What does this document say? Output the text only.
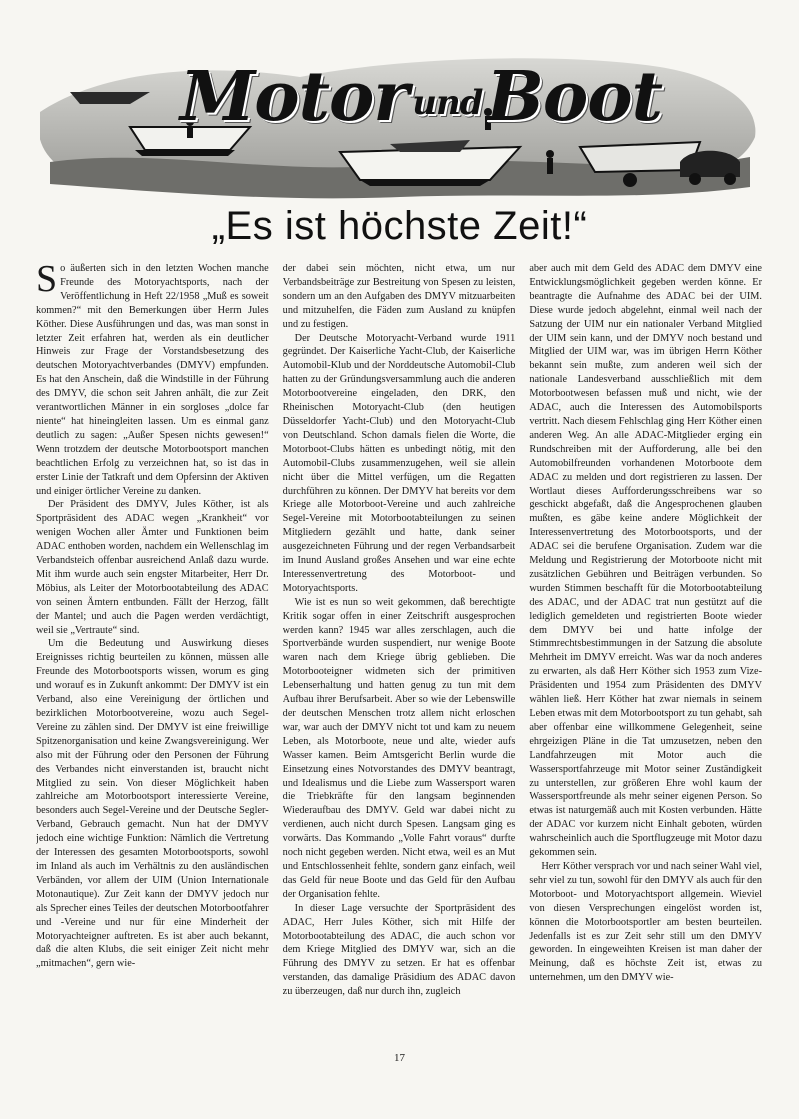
Motor undBoot
„Es ist höchste Zeit!“

So äußerten sich in den letzten Wochen manche Freunde des Motoryachtsports, nach der Veröffentlichung in Heft 22/1958 „Muß es soweit kommen?“ mit den Bemerkungen über Herrn Jules Köther. Diese Ausführungen und das, was man sonst in letzter Zeit erfahren hat, werden als ein deutlicher Hinweis zur Frage der Vorstandsbesetzung des deutschen Motoryachtverbandes (DMYV) empfunden. Es hat den Anschein, daß die Windstille in der Führung des DMYV, die schon seit Jahren anhält, die zur Zeit verantwortlichen Männer in ein sorgloses „dolce far niente“ hat hineingleiten lassen. Um es einmal ganz deutlich zu sagen: „Außer Spesen nichts gewesen!“ Wenn trotzdem der deutsche Motorbootsport manchen beachtlichen Erfolg zu verzeichnen hat, so ist das in erster Linie der Tatkraft und dem Opfersinn der Aktiven und einiger örtlicher Vereine zu danken.

Der Präsident des DMYV, Jules Köther, ist als Sportpräsident des ADAC wegen „Krankheit“ vor wenigen Wochen aller Ämter und Funktionen beim ADAC enthoben worden, nachdem ein Wellenschlag im Verbandsteich offenbar ausreichend Anlaß dazu wurde. Mit ihm wurde auch sein engster Mitarbeiter, Herr Dr. Möbius, als Leiter der Motorbootabteilung des ADAC von seinen Ämtern entbunden. Fällt der Herzog, fällt der Mantel; und auch die Pagen werden verdächtigt, weil sie „Vertraute“ sind.

Um die Bedeutung und Auswirkung dieses Ereignisses richtig beurteilen zu können, müssen alle Freunde des Motorbootsports wissen, worum es ging und worauf es in Zukunft ankommt: Der DMYV ist ein Verband, also eine Vereinigung der örtlichen und bezirklichen Motorbootvereine, wozu auch Segel-Vereine zu zählen sind. Der DMYV ist eine freiwillige Spitzenorganisation und keine Zwangsvereinigung. Wer also mit der Führung oder den Personen der Führung des Verbandes nicht einverstanden ist, braucht nicht Mitglied zu sein. Von dieser Möglichkeit haben zahlreiche am Motorbootsport interessierte Vereine, besonders auch Segel-Vereine und der Deutsche Segler-Verband, Gebrauch gemacht. Nun hat der DMYV jedoch eine wichtige Funktion: Nämlich die Vertretung der Interessen des gesamten Motorbootsports, sowohl im Inland als auch im Verhältnis zu den ausländischen Verbänden, vor allem der UIM (Union Internationale Motonautique). Zur Zeit kann der DMYV jedoch nur als Sprecher eines Teiles der deutschen Motorbootfahrer und -Vereine und nur für eine Minderheit der Motoryachteigner auftreten. Es ist aber auch bekannt, daß die alten Klubs, die seit einiger Zeit nicht mehr „mitmachen“, gern wie-

der dabei sein möchten, nicht etwa, um nur Verbandsbeiträge zur Bestreitung von Spesen zu leisten, sondern um an den Aufgaben des DMYV mitzuarbeiten und mitzuhelfen, die Fäden zum Ausland zu knüpfen und zu festigen.

Der Deutsche Motoryacht-Verband wurde 1911 gegründet. Der Kaiserliche Yacht-Club, der Kaiserliche Automobil-Klub und der Norddeutsche Automobil-Club hatten zu der Gründungsversammlung auch die anderen Motorbootvereine eingeladen, den DRK, den Rheinischen Motoryacht-Club (den heutigen Düsseldorfer Yacht-Club) und den Motoryacht-Club von Deutschland. Schon damals fielen die Worte, die Motorboot-Clubs hätten es unbedingt nötig, mit den Automobil-Clubs zusammenzugehen, weil sie allein nicht über die Mittel verfügen, um die Regatten durchführen zu können. Der DMYV hat bereits vor dem Kriege alle Motorboot-Vereine und auch zahlreiche Segel-Vereine mit Motorbootabteilungen zu seinen Mitgliedern gezählt und hatte, dank seiner ausgezeichneten Führung und der regen Verbandsarbeit im Inund Ausland großes Ansehen und war eine echte Interessenvertretung des Motorboot- und Motoryachtsports.

Wie ist es nun so weit gekommen, daß berechtigte Kritik sogar offen in einer Zeitschrift ausgesprochen werden kann? 1945 war alles zerschlagen, auch die Sportverbände wurden suspendiert, nur wenige Boote waren nach dem Kriege übrig geblieben. Die Motorbooteigner widmeten sich der primitiven Lebenserhaltung und hatten genug zu tun mit dem Aufbau ihrer Berufsarbeit. Aber so wie der Lebenswille der deutschen Menschen trotz allem nicht erloschen war, war auch der DMYV nicht tot und kam zu neuem Leben, als Motorboote, neue und alte, wieder aufs Wasser kamen. Beim Amtsgericht Berlin wurde die Einsetzung eines Notvorstandes des DMYV beantragt, und Idealismus und die Liebe zum Wassersport waren die Triebkräfte für den langsam beginnenden Wiederaufbau des DMYV. Geld war dabei nicht zu verdienen, auch nicht durch Spesen. Langsam ging es vorwärts. Das Kommando „Volle Fahrt voraus“ durfte noch nicht gegeben werden. Nicht etwa, weil es an Mut und Entschlossenheit fehlte, sondern ganz einfach, weil das Geld für neue Boote und das Geld für den Aufbau der Organisation fehlte.

In dieser Lage versuchte der Sportpräsident des ADAC, Herr Jules Köther, sich mit Hilfe der Motorbootabteilung des ADAC, die auch schon vor dem Kriege Mitglied des DMYV war, sich an die Führung des DMYV zu setzen. Er hat es offenbar verstanden, das damalige Präsidium des ADAC davon zu überzeugen, daß nur durch ihn, zugleich

aber auch mit dem Geld des ADAC dem DMYV eine Entwicklungsmöglichkeit gegeben werden könne. Er beantragte die Aufnahme des ADAC bei der UIM. Diese wurde jedoch abgelehnt, einmal weil nach der Satzung der UIM nur ein nationaler Verband Mitglied der UIM sein kann, und der DMYV noch bestand und Mitglied der UIM war, was im übrigen Herrn Köther bekannt sein mußte, zum anderen weil sich der nationale Landesverband ausschließlich mit dem Motorbootwesen befassen muß und nicht, wie der ADAC, auch die Interessen des Automobilsports vertritt. Nach diesem Fehlschlag ging Herr Köther einen anderen Weg. An alle ADAC-Mitglieder erging ein Rundschreiben mit der Aufforderung, alle bei den Automobilfreunden vorhandenen Motorboote dem ADAC zu melden und dort registrieren zu lassen. Der Wortlaut dieses Aufforderungsschreibens war so geschickt abgefaßt, daß die Angesprochenen glauben mußten, es gäbe keine andere Möglichkeit der Interessenvertretung des Motorbootsports, und der ADAC sei die berufene Organisation. Zudem war die Meldung und Registrierung der Motorboote nicht mit zusätzlichen Gebühren und Beiträgen verbunden. So wurden Stimmen beschafft für die Motorbootabteilung des ADAC, und der ADAC trat nun gestützt auf die lediglich gemeldeten und registrierten Boote wieder dem DMYV bei und hatte infolge der Stimmrechtsbestimmungen in der Satzung die absolute Mehrheit im DMYV erreicht. Was war da noch anderes zu erwarten, als daß Herr Köther sich 1953 zum Vize-Präsidenten und 1954 zum Präsidenten des DMYV wählen ließ. Herr Köther hat zwar niemals in seinem Leben etwas mit dem Motorbootsport zu tun gehabt, sah aber offenbar eine willkommene Gelegenheit, seine ehrgeizigen Pläne in die Tat umzusetzen, neben den Landfahrzeugen mit Motor auch die Wassersportfahrzeuge mit Motor seiner Zuständigkeit zu unterstellen, zur größeren Ehre wohl kaum der Wassersportfreunde als mehr seiner eigenen Person. So etwas ist naturgemäß auch mit Kosten verbunden. Hätte der ADAC vor kurzem nicht Einhalt geboten, würden wahrscheinlich auch die Sportflugzeuge mit Motor dazu gekommen sein.

Herr Köther versprach vor und nach seiner Wahl viel, sehr viel zu tun, sowohl für den DMYV als auch für den Motorboot- und Motoryachtsport allgemein. Wieviel von diesen Versprechungen eingelöst worden ist, können die Motorbootsportler am besten beurteilen. Jedenfalls ist es zur Zeit sehr still um den DMYV geworden. In eingeweihten Kreisen ist man daher der Meinung, daß es höchste Zeit ist, etwas zu unternehmen, um den DMYV wie-

17
